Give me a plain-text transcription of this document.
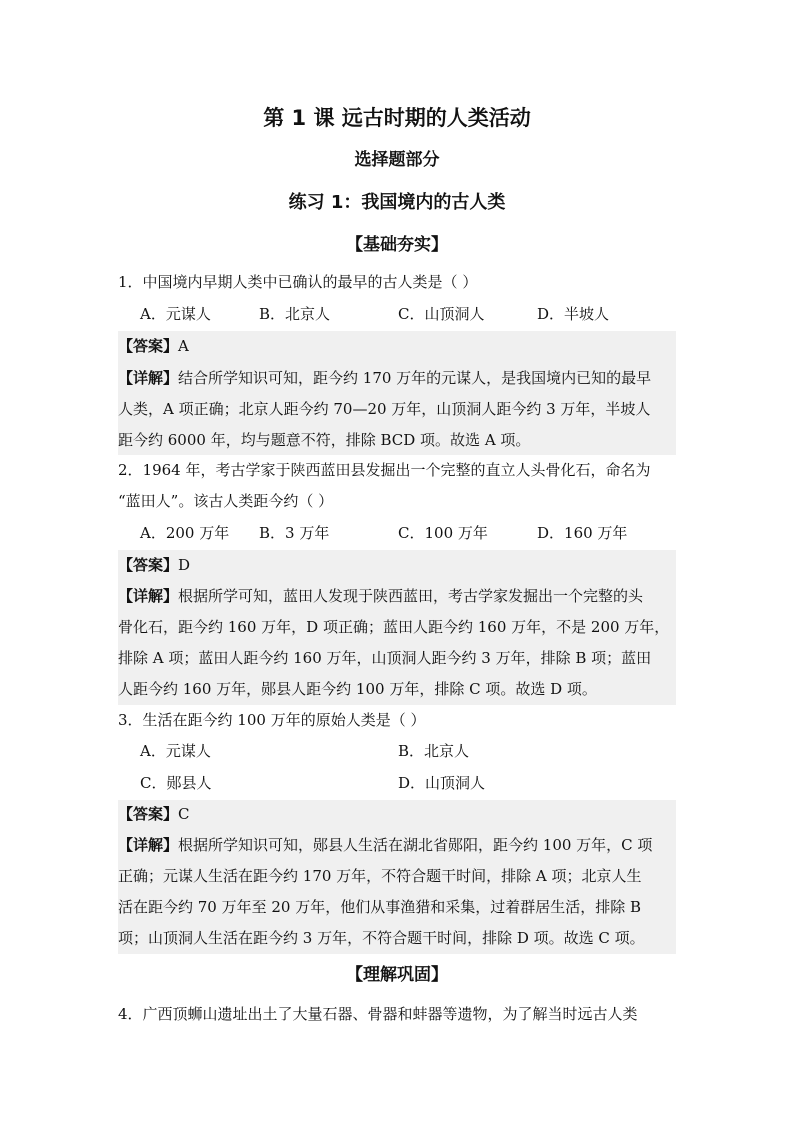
第 1 课 远古时期的人类活动
选择题部分
练习 1：我国境内的古人类
【基础夯实】
1．中国境内早期人类中已确认的最早的古人类是（ ）
A．元谋人	B．北京人	C．山顶洞人	D．半坡人
【答案】A
【详解】结合所学知识可知，距今约 170 万年的元谋人，是我国境内已知的最早
人类，A 项正确；北京人距今约 70—20 万年，山顶洞人距今约 3 万年，半坡人
距今约 6000 年，均与题意不符，排除 BCD 项。故选 A 项。
2．1964 年，考古学家于陕西蓝田县发掘出一个完整的直立人头骨化石，命名为
“蓝田人”。该古人类距今约（ ）
A．200 万年 B．3 万年	C．100 万年	D．160 万年
【答案】D
【详解】根据所学可知，蓝田人发现于陕西蓝田，考古学家发掘出一个完整的头
骨化石，距今约 160 万年，D 项正确；蓝田人距今约 160 万年，不是 200 万年，
排除 A 项；蓝田人距今约 160 万年，山顶洞人距今约 3 万年，排除 B 项；蓝田
人距今约 160 万年，郧县人距今约 100 万年，排除 C 项。故选 D 项。
3．生活在距今约 100 万年的原始人类是（ ）
A．元谋人	B．北京人
C．郧县人	D．山顶洞人
【答案】C
【详解】根据所学知识可知，郧县人生活在湖北省郧阳，距今约 100 万年，C 项
正确；元谋人生活在距今约 170 万年，不符合题干时间，排除 A 项；北京人生
活在距今约 70 万年至 20 万年，他们从事渔猎和采集，过着群居生活，排除 B
项；山顶洞人生活在距今约 3 万年，不符合题干时间，排除 D 项。故选 C 项。
【理解巩固】
4．广西顶蛳山遗址出土了大量石器、骨器和蚌器等遗物，为了解当时远古人类
